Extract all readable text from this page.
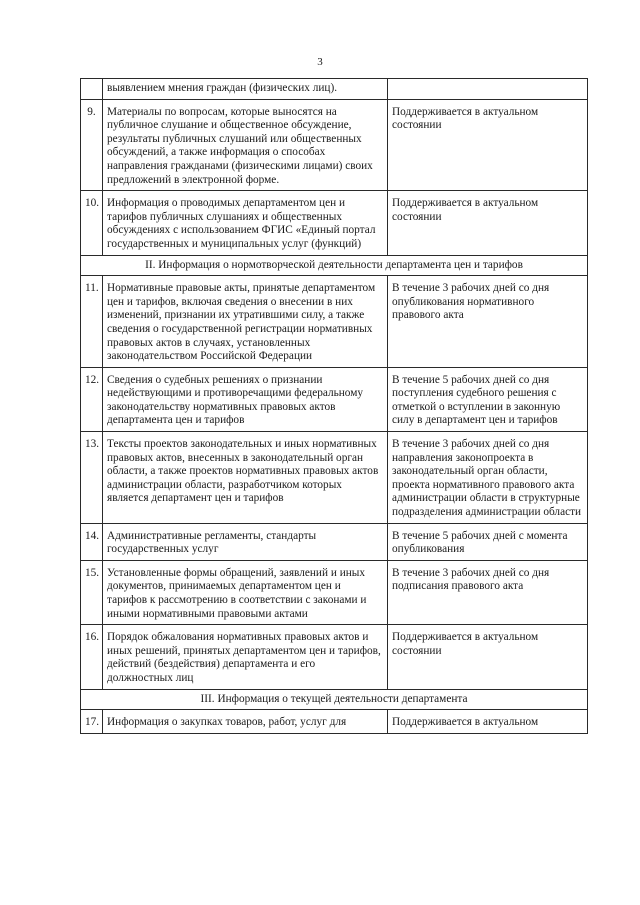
3
	выявлением мнения граждан (физических лиц).	
9.	Материалы по вопросам, которые выносятся на публичное слушание и общественное обсуждение, результаты публичных слушаний или общественных обсуждений, а также информация о способах направления гражданами (физическими лицами) своих предложений в электронной форме.	Поддерживается в актуальном состоянии
10.	Информация о проводимых департаментом цен и тарифов публичных слушаниях и общественных обсуждениях с использованием ФГИС «Единый портал государственных и муниципальных услуг (функций)	Поддерживается в актуальном состоянии
II. Информация о нормотворческой деятельности департамента цен и тарифов		
11.	Нормативные правовые акты, принятые департаментом цен и тарифов, включая сведения о внесении в них изменений, признании их утратившими силу, а также сведения о государственной регистрации нормативных правовых актов в случаях, установленных законодательством Российской Федерации	В течение 3 рабочих дней со дня опубликования нормативного правового акта
12.	Сведения о судебных решениях о признании недействующими и противоречащими федеральному законодательству нормативных правовых актов департамента цен и тарифов	В течение 5 рабочих дней со дня поступления судебного решения с отметкой о вступлении в законную силу в департамент цен и тарифов
13.	Тексты проектов законодательных и иных нормативных правовых актов, внесенных в законодательный орган области, а также проектов нормативных правовых актов администрации области, разработчиком которых является департамент цен и тарифов	В течение 3 рабочих дней со дня направления законопроекта в законодательный орган области, проекта нормативного правового акта администрации области в структурные подразделения администрации области
14.	Административные регламенты, стандарты государственных услуг	В течение 5 рабочих дней с момента опубликования
15.	Установленные формы обращений, заявлений и иных документов, принимаемых департаментом цен и тарифов к рассмотрению в соответствии с законами и иными нормативными правовыми актами	В течение 3 рабочих дней со дня подписания правового акта
16.	Порядок обжалования нормативных правовых актов и иных решений, принятых департаментом цен и тарифов, действий (бездействия) департамента и его должностных лиц	Поддерживается в актуальном состоянии
III. Информация о текущей деятельности департамента		
17.	Информация о закупках товаров, работ, услуг для	Поддерживается в актуальном
